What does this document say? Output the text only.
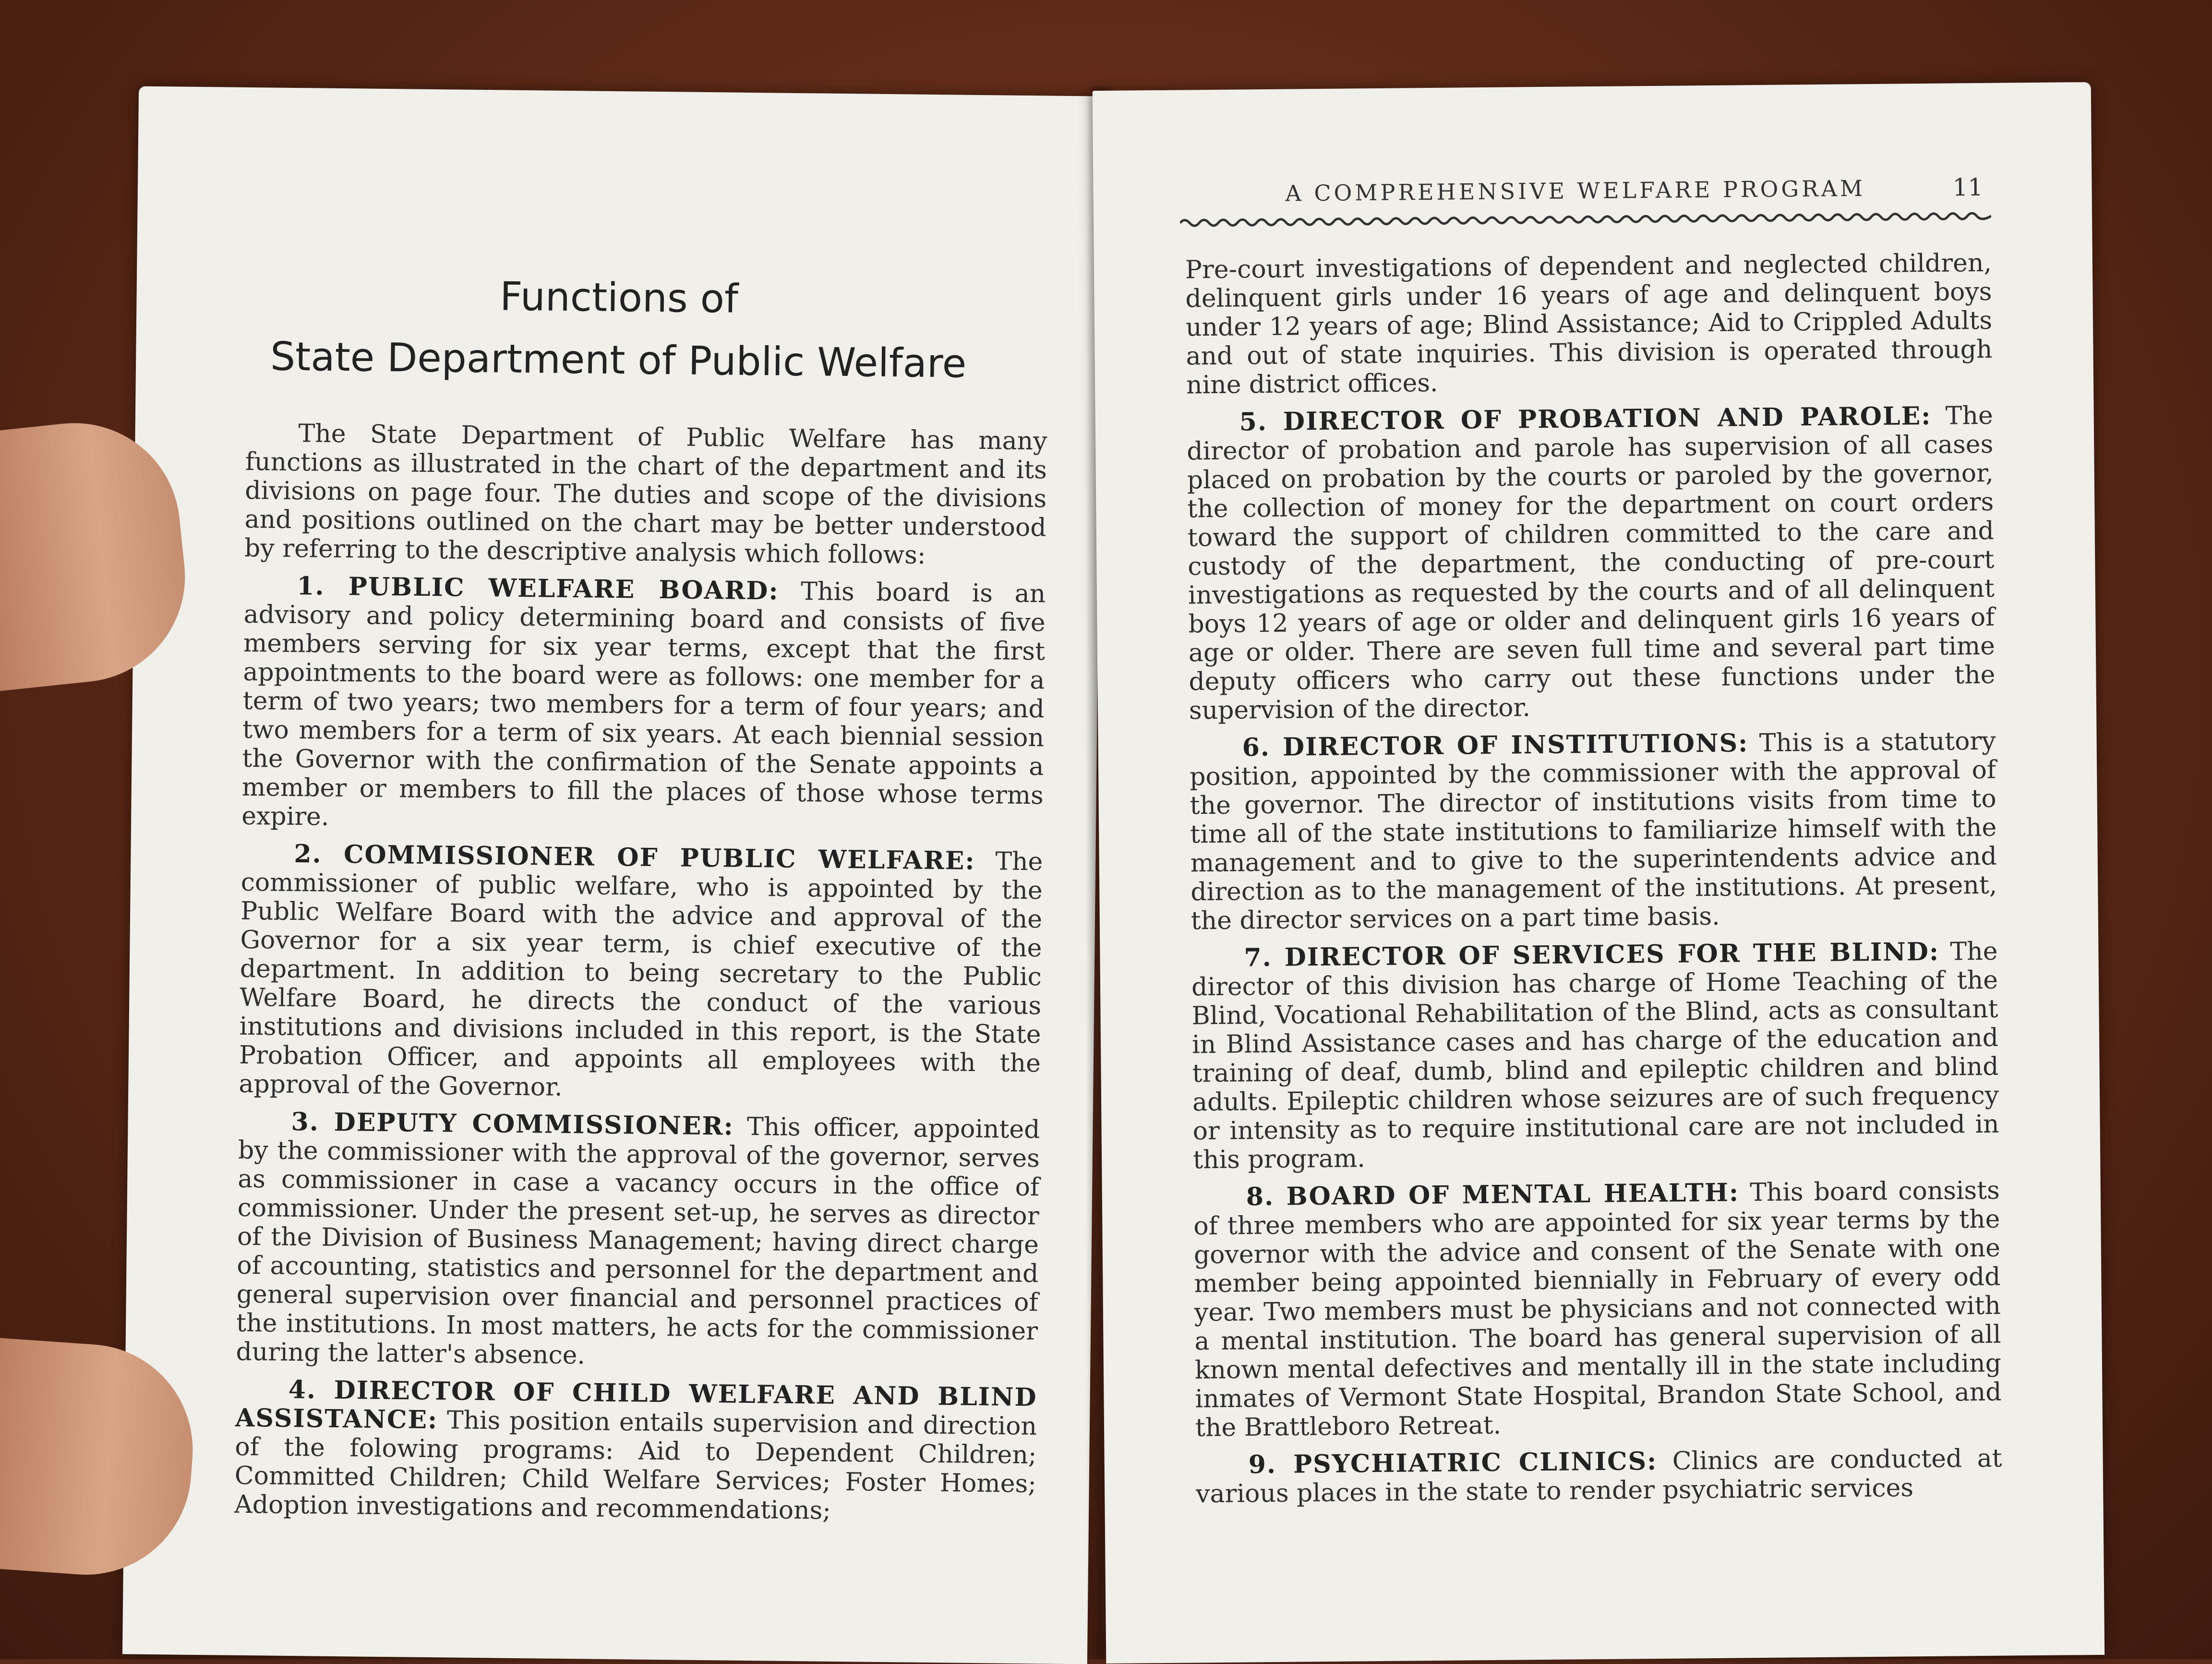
Functions of
State Department of Public Welfare

The State Department of Public Welfare has many functions as illustrated in the chart of the department and its divisions on page four. The duties and scope of the divisions and positions outlined on the chart may be better understood by referring to the descriptive analysis which follows:

1. PUBLIC WELFARE BOARD: This board is an advisory and policy determining board and consists of five members serving for six year terms, except that the first appointments to the board were as follows: one member for a term of two years; two members for a term of four years; and two members for a term of six years. At each biennial session the Governor with the confirmation of the Senate appoints a member or members to fill the places of those whose terms expire.

2. COMMISSIONER OF PUBLIC WELFARE: The commissioner of public welfare, who is appointed by the Public Welfare Board with the advice and approval of the Governor for a six year term, is chief executive of the department. In addition to being secretary to the Public Welfare Board, he directs the conduct of the various institutions and divisions included in this report, is the State Probation Officer, and appoints all employees with the approval of the Governor.

3. DEPUTY COMMISSIONER: This officer, appointed by the commissioner with the approval of the governor, serves as commissioner in case a vacancy occurs in the office of commissioner. Under the present set-up, he serves as director of the Division of Business Management; having direct charge of accounting, statistics and personnel for the department and general supervision over financial and personnel practices of the institutions. In most matters, he acts for the commissioner during the latter's absence.

4. DIRECTOR OF CHILD WELFARE AND BLIND ASSISTANCE: This position entails supervision and direction of the folowing programs: Aid to Dependent Children; Committed Children; Child Welfare Services; Foster Homes; Adoption investigations and recommendations;

A COMPREHENSIVE WELFARE PROGRAM	11

Pre-court investigations of dependent and neglected children, delinquent girls under 16 years of age and delinquent boys under 12 years of age; Blind Assistance; Aid to Crippled Adults and out of state inquiries. This division is operated through nine district offices.

5. DIRECTOR OF PROBATION AND PAROLE: The director of probation and parole has supervision of all cases placed on probation by the courts or paroled by the governor, the collection of money for the department on court orders toward the support of children committed to the care and custody of the department, the conducting of pre-court investigations as requested by the courts and of all delinquent boys 12 years of age or older and delinquent girls 16 years of age or older. There are seven full time and several part time deputy officers who carry out these functions under the supervision of the director.

6. DIRECTOR OF INSTITUTIONS: This is a statutory position, appointed by the commissioner with the approval of the governor. The director of institutions visits from time to time all of the state institutions to familiarize himself with the management and to give to the superintendents advice and direction as to the management of the institutions. At present, the director services on a part time basis.

7. DIRECTOR OF SERVICES FOR THE BLIND: The director of this division has charge of Home Teaching of the Blind, Vocational Rehabilitation of the Blind, acts as consultant in Blind Assistance cases and has charge of the education and training of deaf, dumb, blind and epileptic children and blind adults. Epileptic children whose seizures are of such frequency or intensity as to require institutional care are not included in this program.

8. BOARD OF MENTAL HEALTH: This board consists of three members who are appointed for six year terms by the governor with the advice and consent of the Senate with one member being appointed biennially in February of every odd year. Two members must be physicians and not connected with a mental institution. The board has general supervision of all known mental defectives and mentally ill in the state including inmates of Vermont State Hospital, Brandon State School, and the Brattleboro Retreat.

9. PSYCHIATRIC CLINICS: Clinics are conducted at various places in the state to render psychiatric services
